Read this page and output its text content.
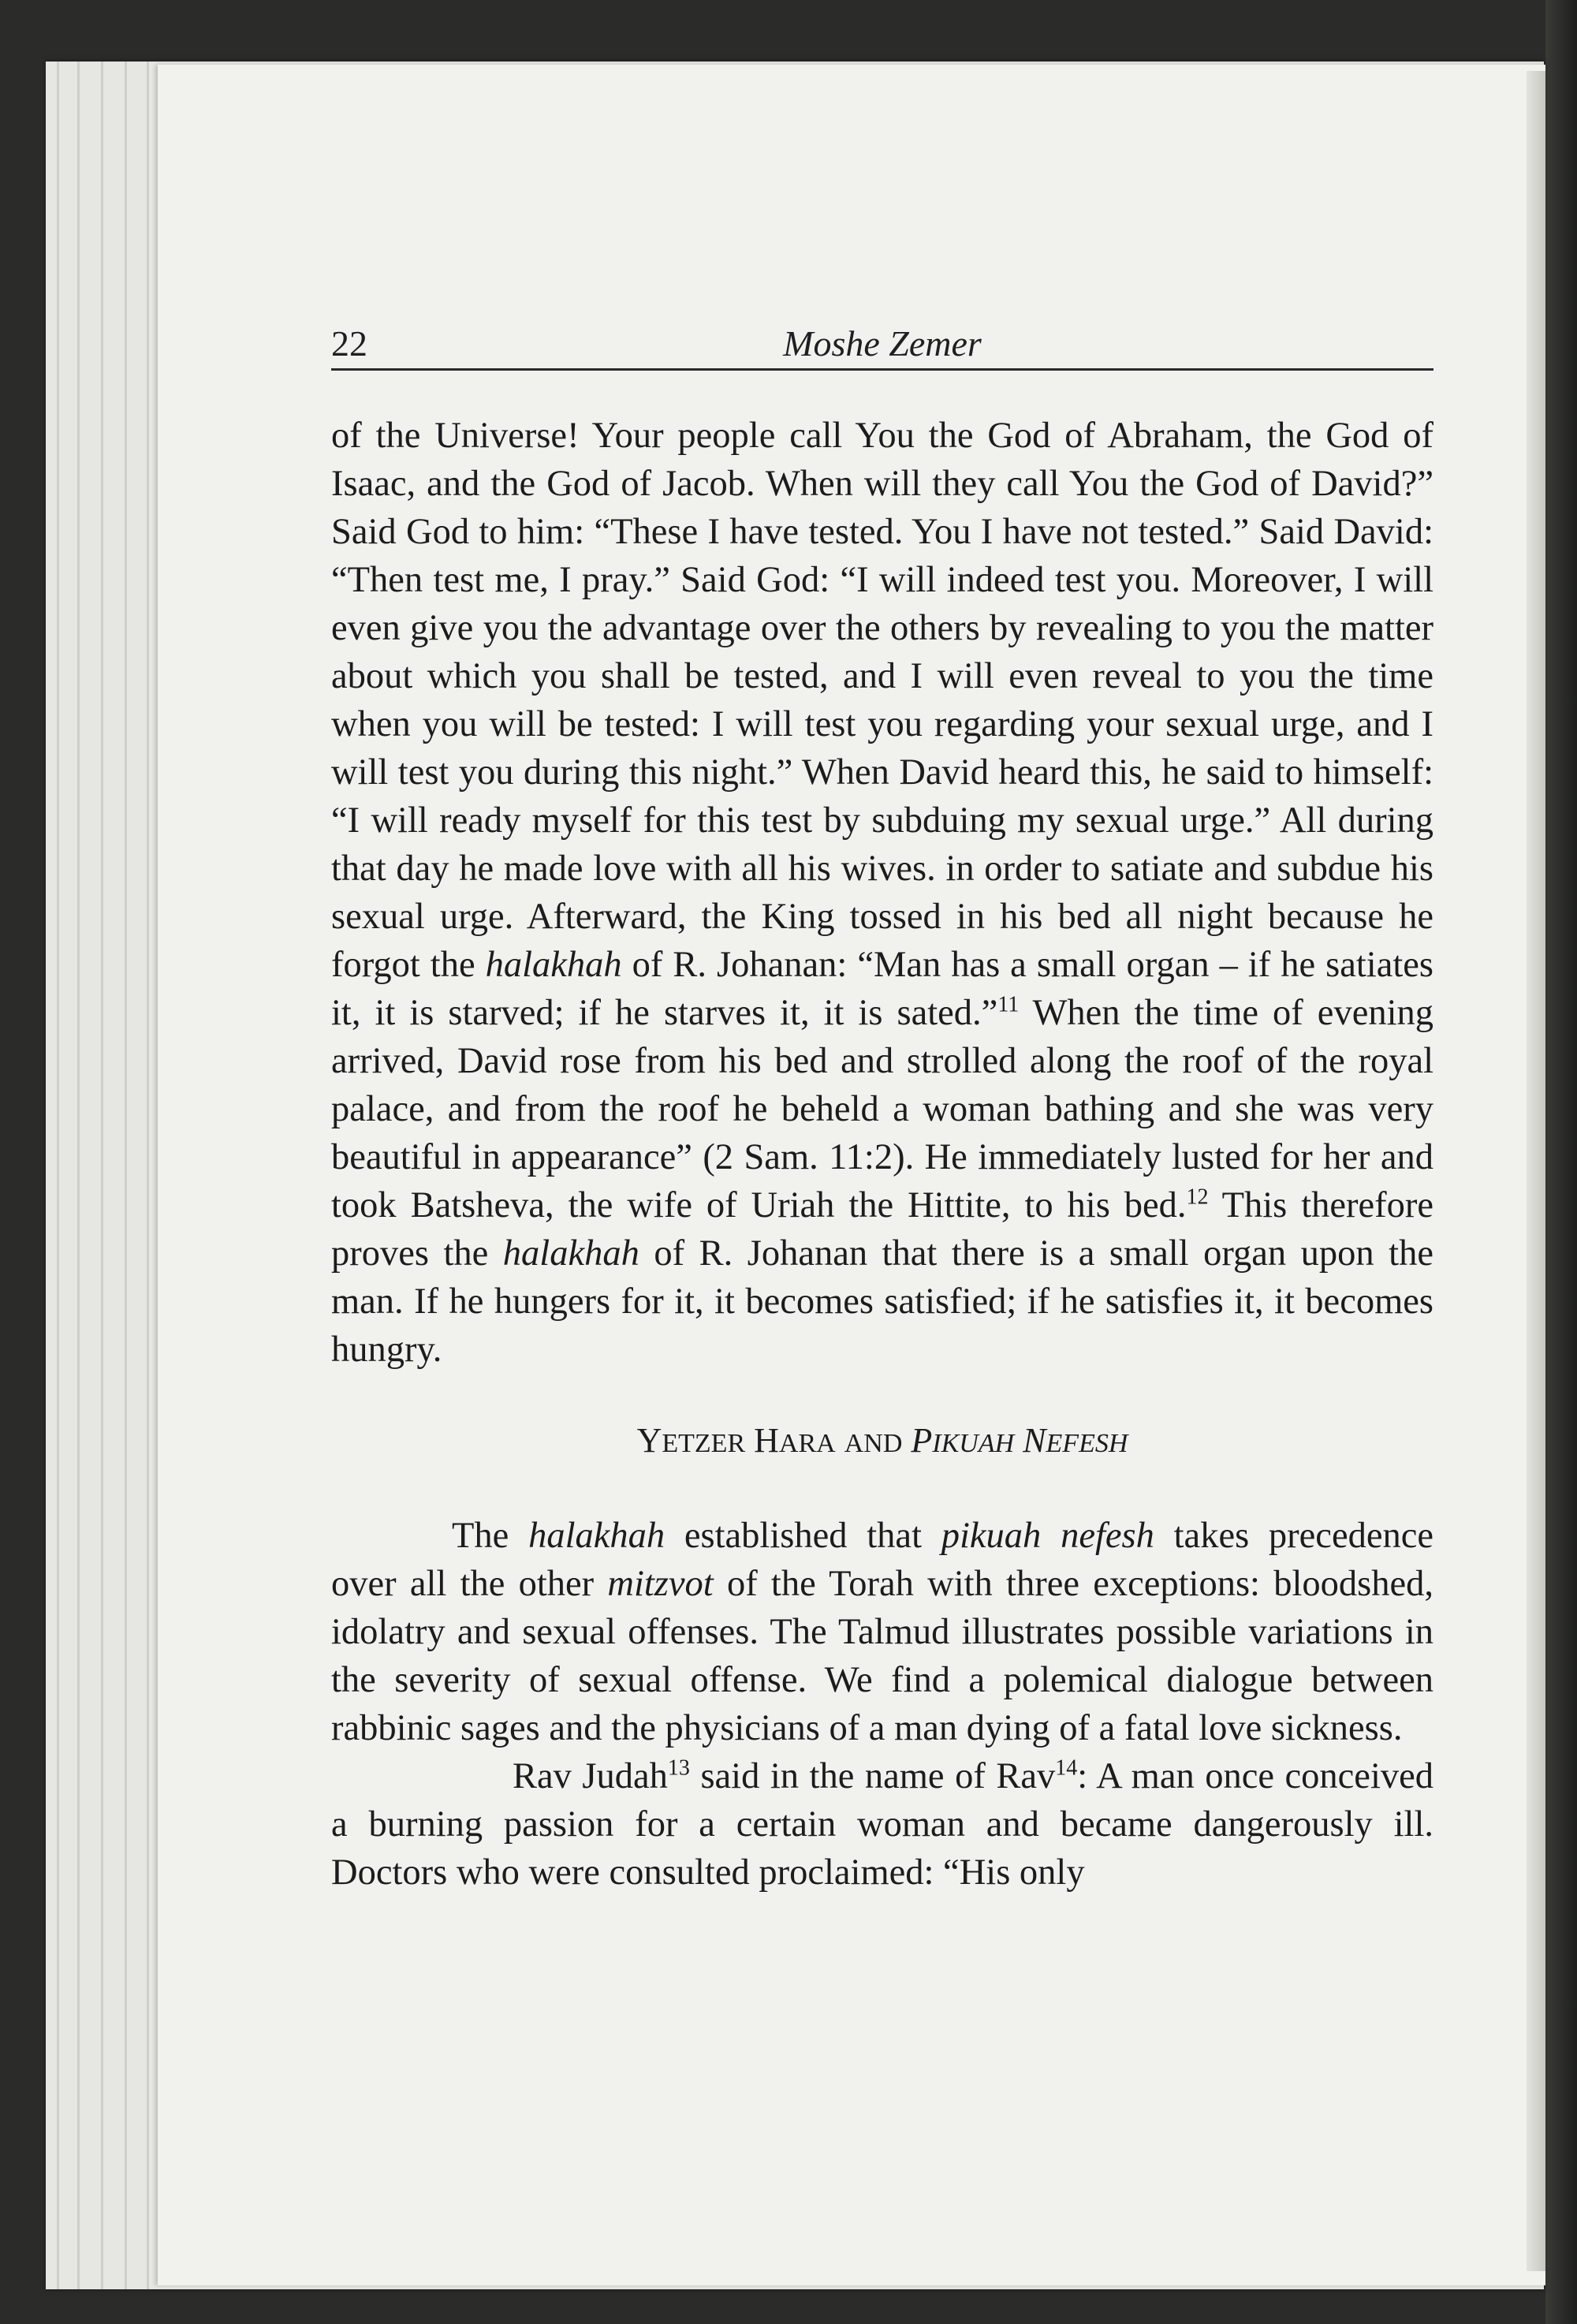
22	Moshe Zemer

of the Universe! Your people call You the God of Abraham, the God of Isaac, and the God of Jacob. When will they call You the God of David?” Said God to him: “These I have tested. You I have not tested.” Said David: “Then test me, I pray.” Said God: “I will indeed test you. Moreover, I will even give you the advantage over the others by revealing to you the matter about which you shall be tested, and I will even reveal to you the time when you will be tested: I will test you regarding your sexual urge, and I will test you during this night.” When David heard this, he said to himself: “I will ready myself for this test by subduing my sexual urge.” All during that day he made love with all his wives. in order to satiate and subdue his sexual urge. Afterward, the King tossed in his bed all night because he forgot the halakhah of R. Johanan: “Man has a small organ – if he satiates it, it is starved; if he starves it, it is sated.”$^{11}$ When the time of evening arrived, David rose from his bed and strolled along the roof of the royal palace, and from the roof he beheld a woman bathing and she was very beautiful in appearance” (2 Sam. 11:2). He immediately lusted for her and took Batsheva, the wife of Uriah the Hittite, to his bed.$^{12}$ This therefore proves the halakhah of R. Johanan that there is a small organ upon the man. If he hungers for it, it becomes satisfied; if he satisfies it, it becomes hungry.

YETZER HARA AND PIKUAH NEFESH

The halakhah established that pikuah nefesh takes precedence over all the other mitzvot of the Torah with three exceptions: bloodshed, idolatry and sexual offenses. The Talmud illustrates possible variations in the severity of sexual offense. We find a polemical dialogue between rabbinic sages and the physicians of a man dying of a fatal love sickness.

Rav Judah$^{13}$ said in the name of Rav$^{14}$: A man once conceived a burning passion for a certain woman and became dangerously ill. Doctors who were consulted proclaimed: “His only
